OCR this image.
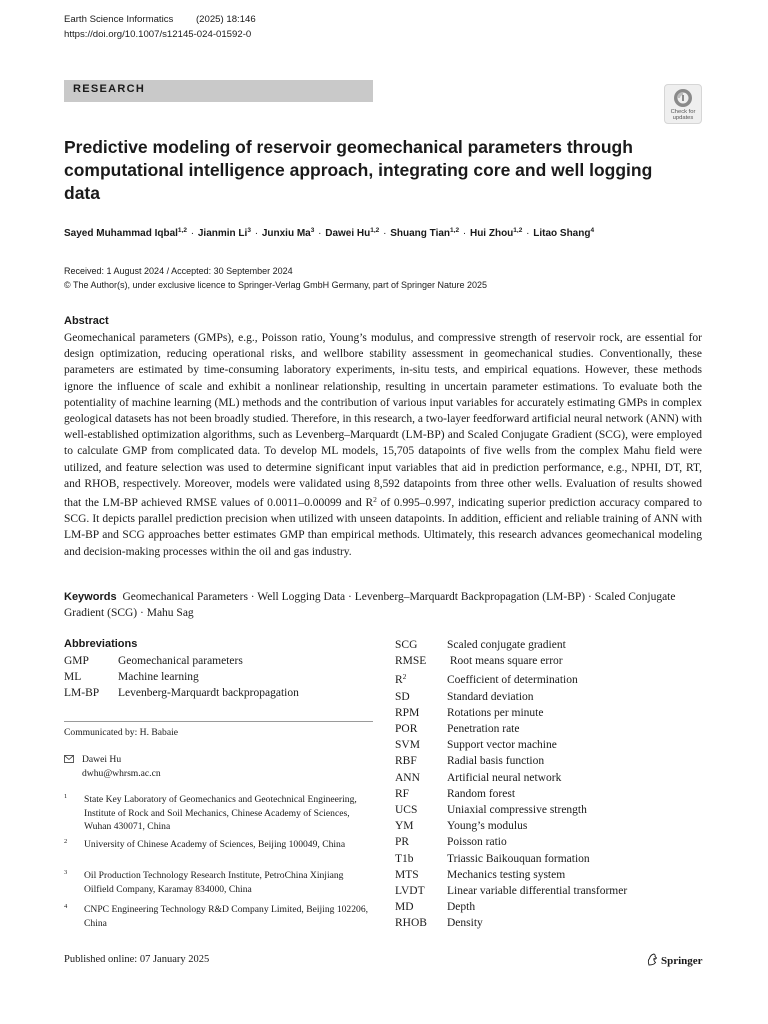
Earth Science Informatics (2025) 18:146
https://doi.org/10.1007/s12145-024-01592-0
RESEARCH
Check for
updates
Predictive modeling of reservoir geomechanical parameters through computational intelligence approach, integrating core and well logging data
Sayed Muhammad Iqbal$^{1,2}$ · Jianmin $Li^3$ · Junxiu $Ma^3$ · Dawei Hu$^{1,2}$ · Shuang Tian$^{1,2}$ · Hui Zhou$^{1,2}$ · Litao Shang$^4$
Received: 1 August 2024 / Accepted: 30 September 2024
© The Author(s), under exclusive licence to Springer-Verlag GmbH Germany, part of Springer Nature 2025
Abstract

Geomechanical parameters (GMPs), e.g., Poisson ratio, Young’s modulus, and compressive strength of reservoir rock, are essential for design optimization, reducing operational risks, and wellbore stability assessment in geomechanical studies. Conventionally, these parameters are estimated by time-consuming laboratory experiments, in-situ tests, and empirical equations. However, these methods ignore the influence of scale and exhibit a nonlinear relationship, resulting in uncertain parameter estimations. To evaluate both the potentiality of machine learning (ML) methods and the contribution of various input variables for accurately estimating GMPs in complex geological datasets has not been broadly studied. Therefore, in this research, a two-layer feedforward artificial neural network (ANN) with well-established optimization algorithms, such as Levenberg–Marquardt (LM-BP) and Scaled Conjugate Gradient (SCG), were employed to calculate GMP from complicated data. To develop ML models, 15,705 datapoints of five wells from the complex Mahu field were utilized, and feature selection was used to determine significant input variables that aid in prediction performance, e.g., NPHI, DT, RT, and RHOB, respectively. Moreover, models were validated using 8,592 datapoints from three other wells. Evaluation of results showed that the LM-BP achieved RMSE values of 0.0011–0.00099 and $R^2$ of 0.995–0.997, indicating superior prediction accuracy compared to SCG. It depicts parallel prediction precision when utilized with unseen datapoints. In addition, efficient and reliable training of ANN with LM-BP and SCG approaches better estimates GMP than empirical methods. Ultimately, this research advances geomechanical modeling and decision-making processes within the oil and gas industry.

Keywords Geomechanical Parameters · Well Logging Data · Levenberg–Marquardt Backpropagation (LM-BP) · Scaled Conjugate Gradient (SCG) · Mahu Sag

Abbreviations
GMP	Geomechanical parameters
ML	Machine learning
LM-BP Levenberg-Marquardt backpropagation
SCG	Scaled conjugate gradient
RMSE Root means square error
$R^2$	Coefficient of determination
SD	Standard deviation
RPM Rotations per minute
POR	Penetration rate
SVM Support vector machine
RBF	Radial basis function
ANN Artificial neural network
RF	Random forest
UCS	Uniaxial compressive strength
YM	Young’s modulus
PR	Poisson ratio
T1b	Triassic Baikouquan formation
MTS Mechanics testing system
LVDT Linear variable differential transformer
MD	Depth
RHOB Density
Communicated by: H. Babaie
Dawei Hu
dwhu@whrsm.ac.cn
1 State Key Laboratory of Geomechanics and Geotechnical Engineering, Institute of Rock and Soil Mechanics, Chinese Academy of Sciences, Wuhan 430071, China
2 University of Chinese Academy of Sciences, Beijing 100049, China
3 Oil Production Technology Research Institute, PetroChina Xinjiang Oilfield Company, Karamay 834000, China
4 CNPC Engineering Technology R&D Company Limited, Beijing 102206, China
Published online: 07 January 2025	Springer
